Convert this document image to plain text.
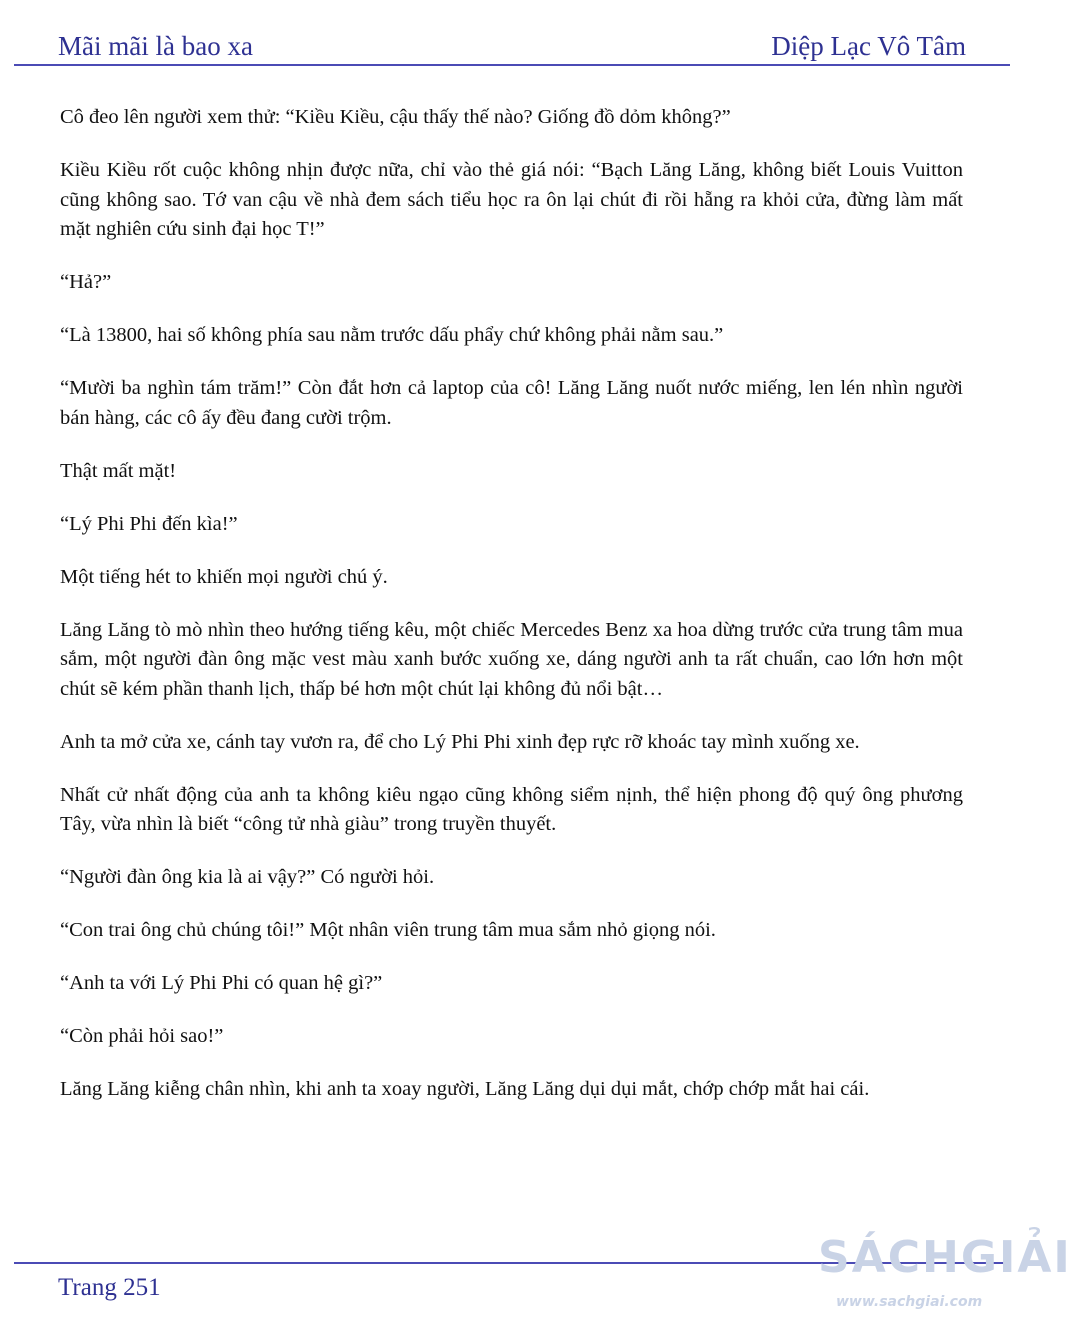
Mãi mãi là bao xa	Diệp Lạc Vô Tâm

Cô đeo lên người xem thử: “Kiều Kiều, cậu thấy thế nào? Giống đồ dỏm không?”

Kiều Kiều rốt cuộc không nhịn được nữa, chỉ vào thẻ giá nói: “Bạch Lăng Lăng, không biết Louis Vuitton cũng không sao. Tớ van cậu về nhà đem sách tiểu học ra ôn lại chút đi rồi hẵng ra khỏi cửa, đừng làm mất mặt nghiên cứu sinh đại học T!”

“Hả?”

“Là 13800, hai số không phía sau nằm trước dấu phẩy chứ không phải nằm sau.”

“Mười ba nghìn tám trăm!” Còn đắt hơn cả laptop của cô! Lăng Lăng nuốt nước miếng, len lén nhìn người bán hàng, các cô ấy đều đang cười trộm.

Thật mất mặt!

“Lý Phi Phi đến kìa!”

Một tiếng hét to khiến mọi người chú ý.

Lăng Lăng tò mò nhìn theo hướng tiếng kêu, một chiếc Mercedes Benz xa hoa dừng trước cửa trung tâm mua sắm, một người đàn ông mặc vest màu xanh bước xuống xe, dáng người anh ta rất chuẩn, cao lớn hơn một chút sẽ kém phần thanh lịch, thấp bé hơn một chút lại không đủ nổi bật…

Anh ta mở cửa xe, cánh tay vươn ra, để cho Lý Phi Phi xinh đẹp rực rỡ khoác tay mình xuống xe.

Nhất cử nhất động của anh ta không kiêu ngạo cũng không siểm nịnh, thể hiện phong độ quý ông phương Tây, vừa nhìn là biết “công tử nhà giàu” trong truyền thuyết.

“Người đàn ông kia là ai vậy?” Có người hỏi.

“Con trai ông chủ chúng tôi!” Một nhân viên trung tâm mua sắm nhỏ giọng nói.

“Anh ta với Lý Phi Phi có quan hệ gì?”

“Còn phải hỏi sao!”

Lăng Lăng kiễng chân nhìn, khi anh ta xoay người, Lăng Lăng dụi dụi mắt, chớp chớp mắt hai cái.

Trang 251
SÁCHGIẢI
www.sachgiai.com
